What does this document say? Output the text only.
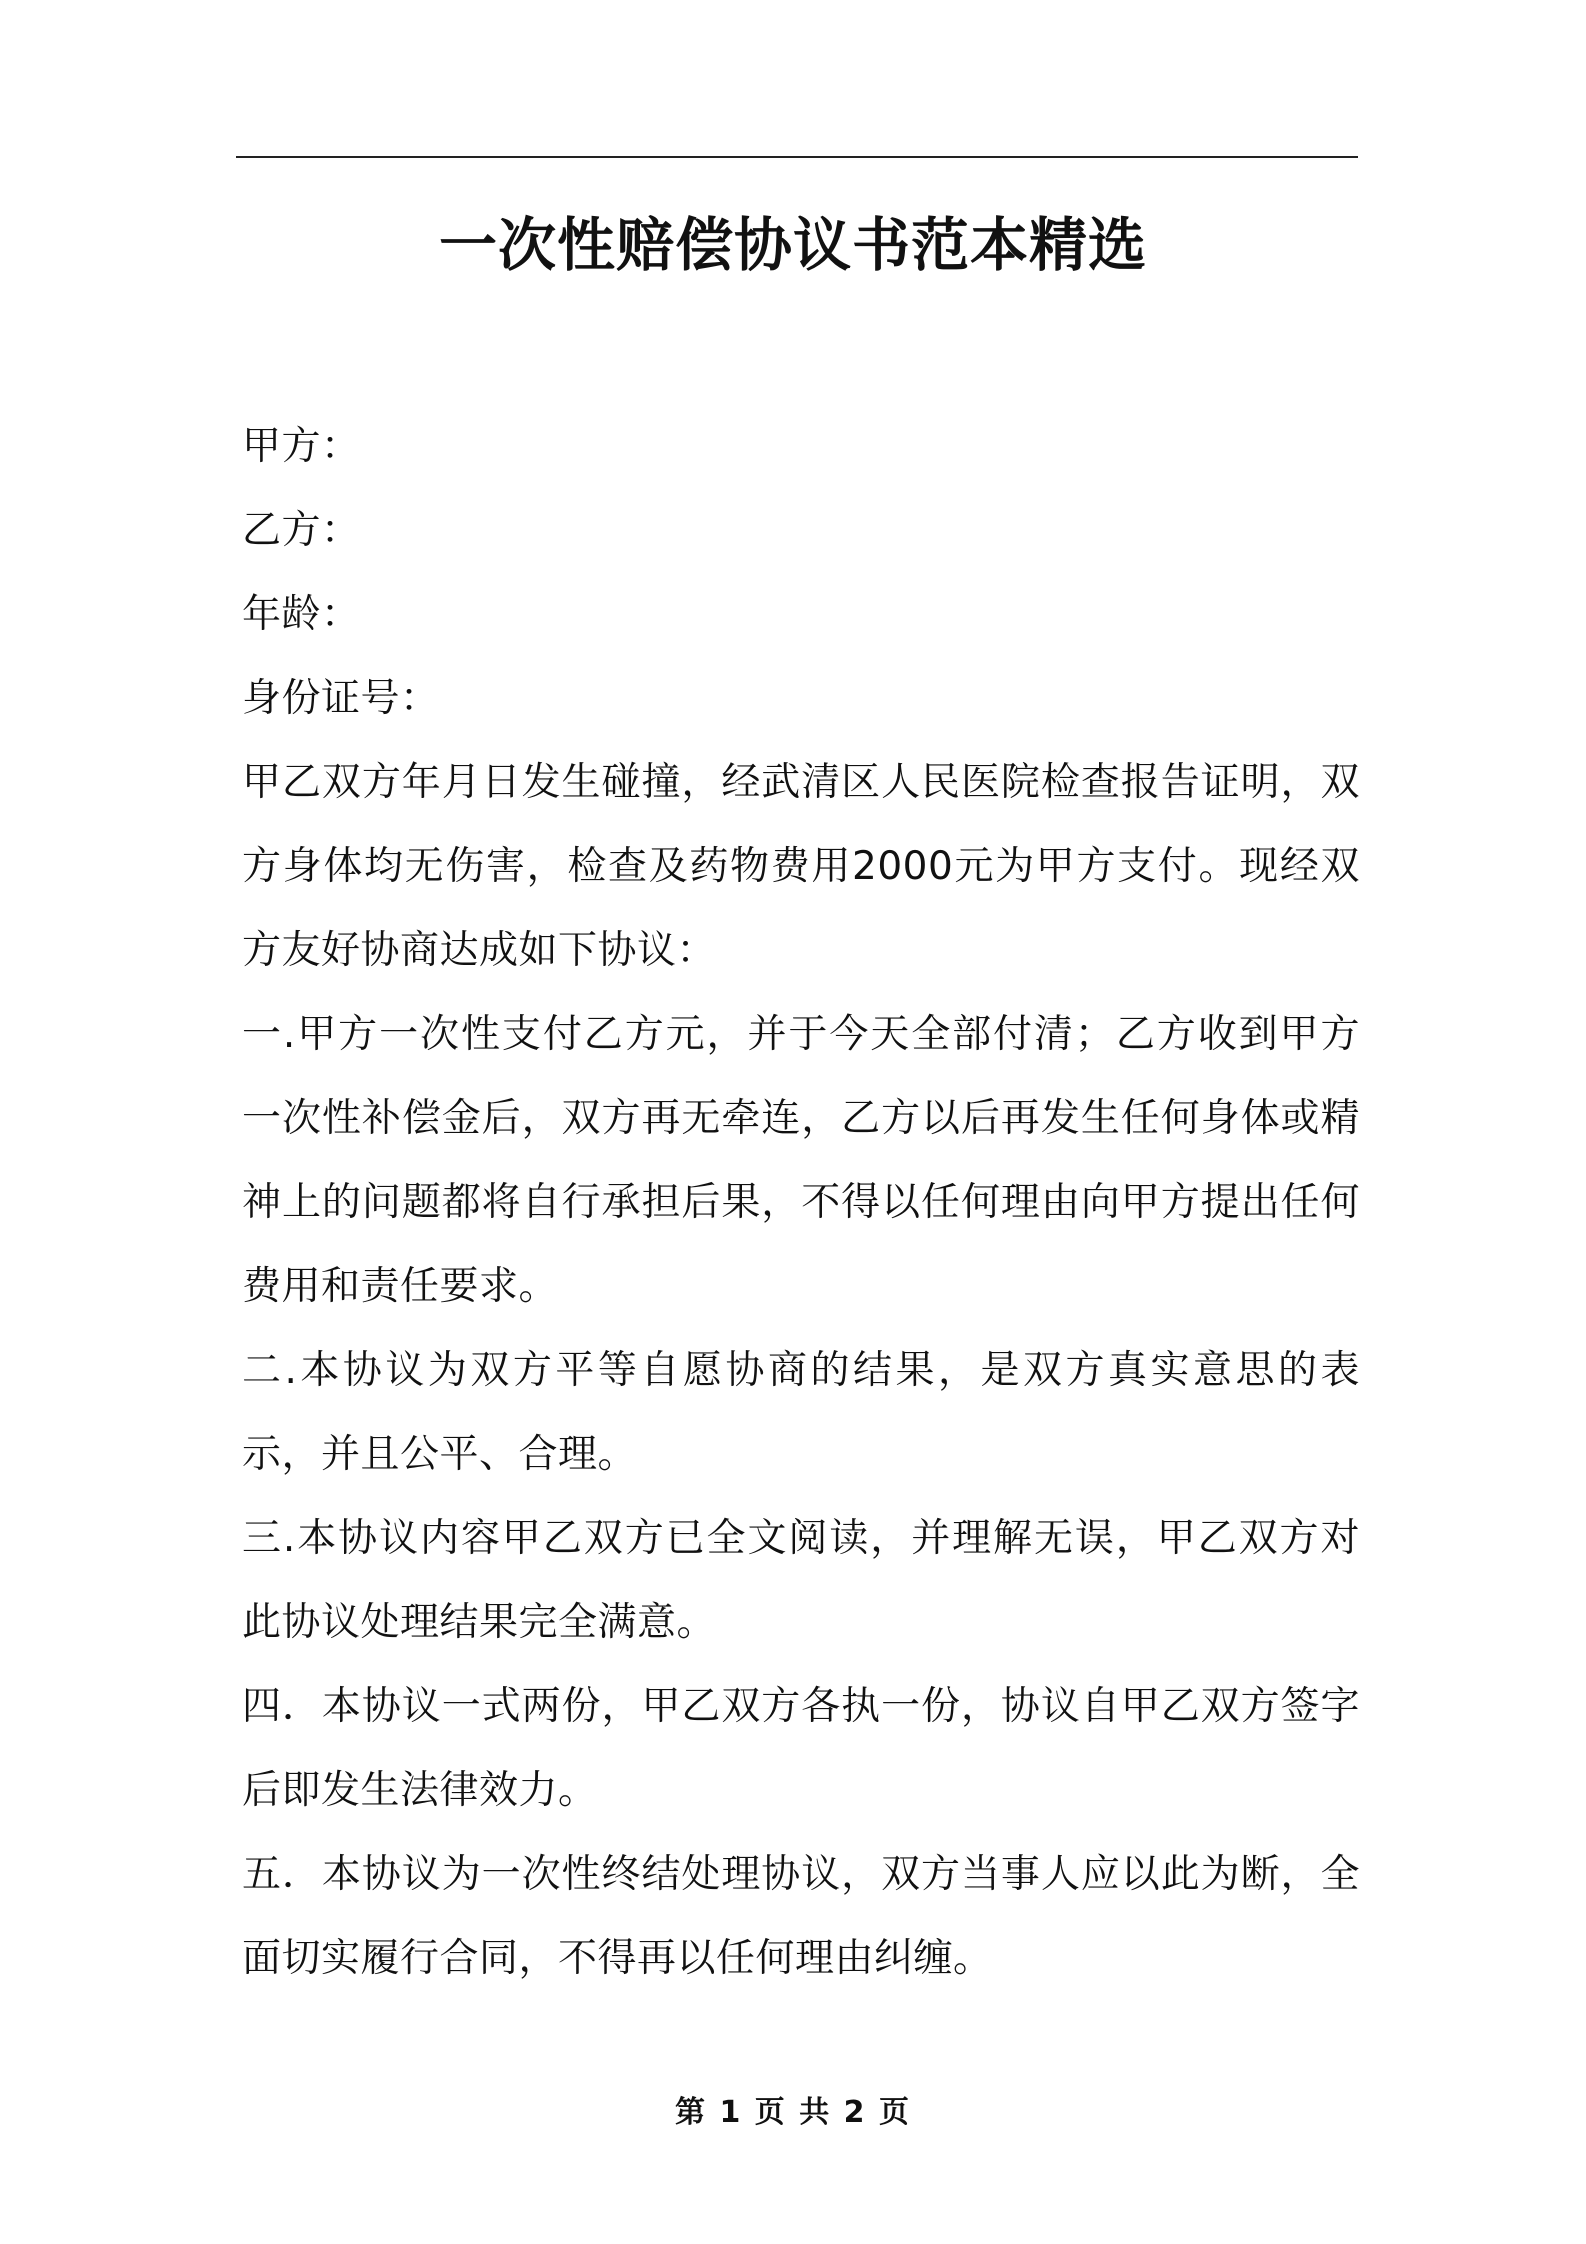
一次性赔偿协议书范本精选

甲方：

乙方：

年龄：

身份证号：

甲乙双方年月日发生碰撞，经武清区人民医院检查报告证明，双方身体均无伤害，检查及药物费用2000元为甲方支付。现经双方友好协商达成如下协议：

一.甲方一次性支付乙方元，并于今天全部付清；乙方收到甲方一次性补偿金后，双方再无牵连，乙方以后再发生任何身体或精神上的问题都将自行承担后果，不得以任何理由向甲方提出任何费用和责任要求。

二.本协议为双方平等自愿协商的结果，是双方真实意思的表示，并且公平、合理。

三.本协议内容甲乙双方已全文阅读，并理解无误，甲乙双方对此协议处理结果完全满意。

四．本协议一式两份，甲乙双方各执一份，协议自甲乙双方签字后即发生法律效力。

五．本协议为一次性终结处理协议，双方当事人应以此为断，全面切实履行合同，不得再以任何理由纠缠。

第 1 页 共 2 页
